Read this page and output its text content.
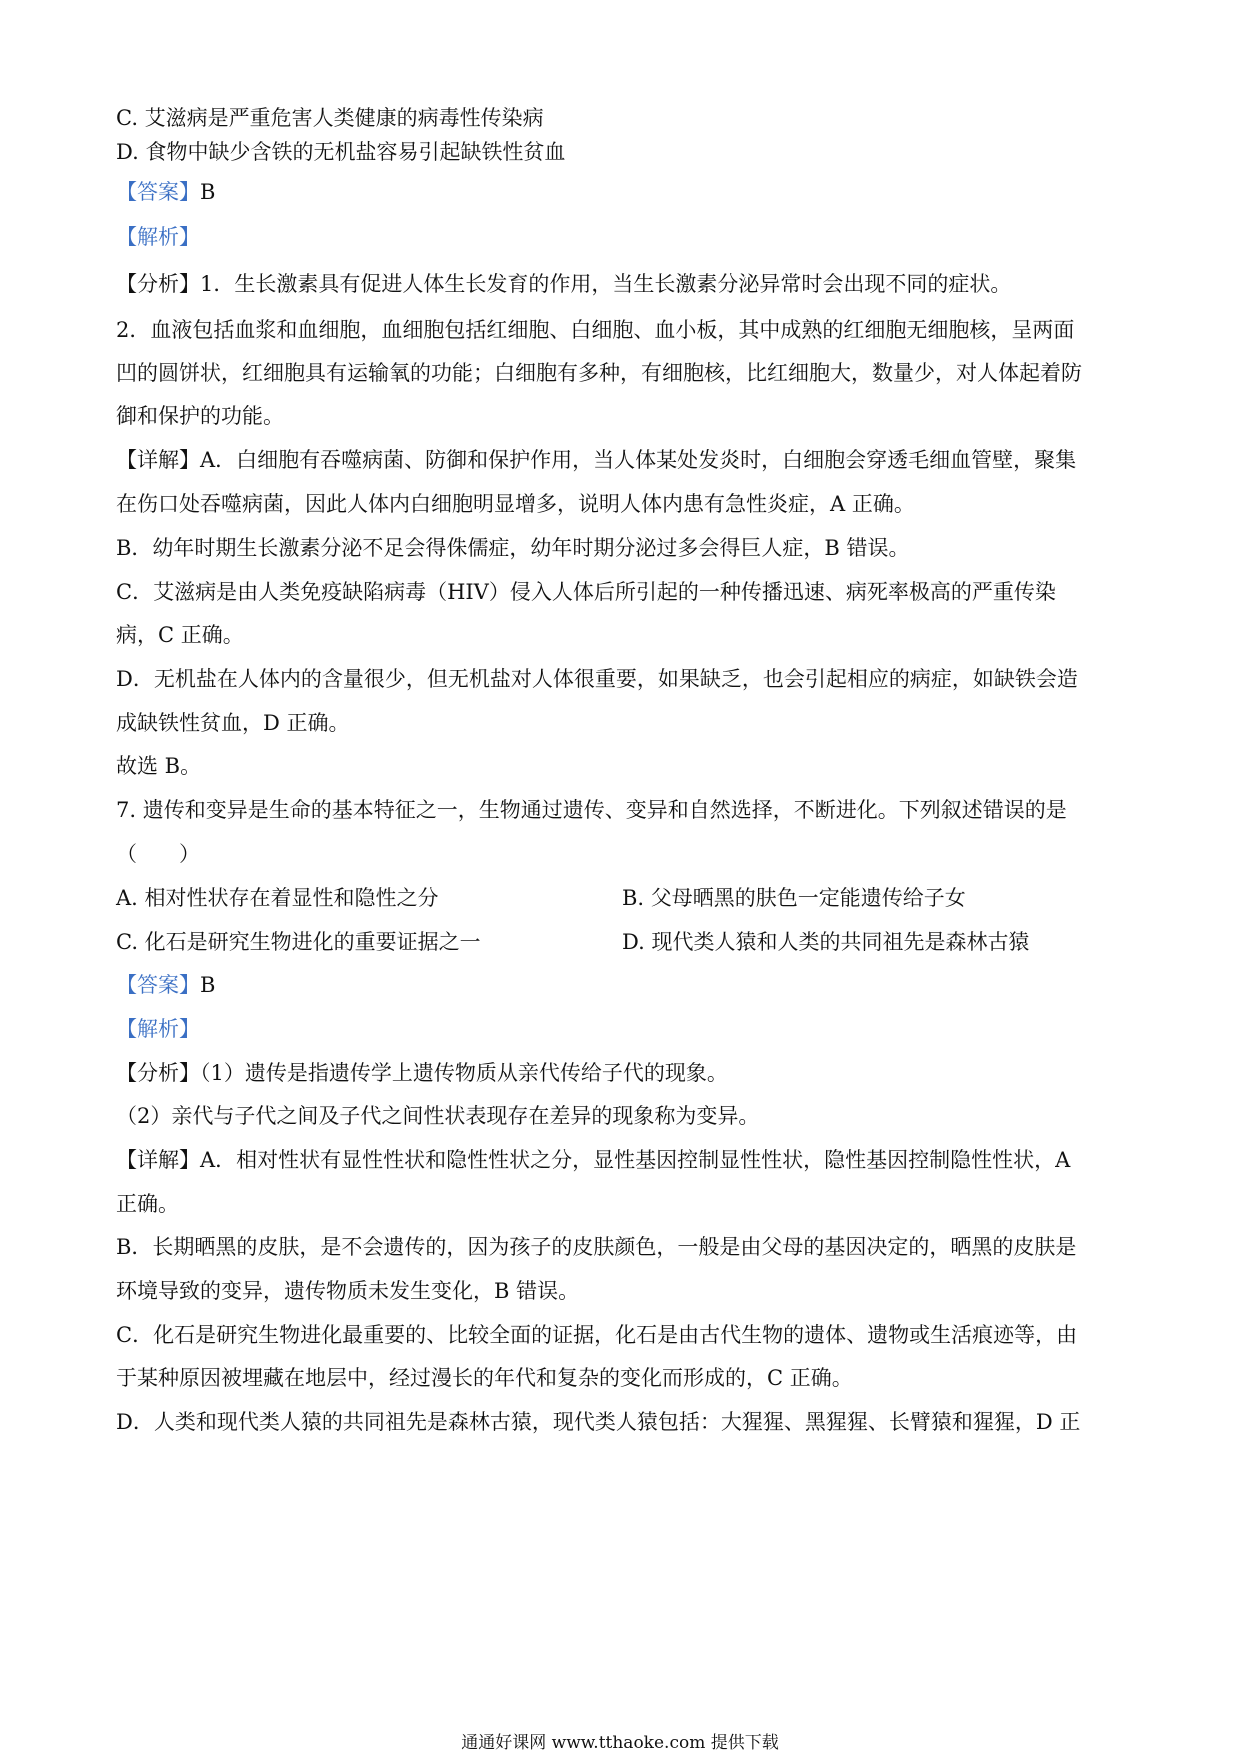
C. 艾滋病是严重危害人类健康的病毒性传染病
D. 食物中缺少含铁的无机盐容易引起缺铁性贫血
【答案】B
【解析】
【分析】1．生长激素具有促进人体生长发育的作用，当生长激素分泌异常时会出现不同的症状。
2．血液包括血浆和血细胞，血细胞包括红细胞、白细胞、血小板，其中成熟的红细胞无细胞核，呈两面
凹的圆饼状，红细胞具有运输氧的功能；白细胞有多种，有细胞核，比红细胞大，数量少，对人体起着防
御和保护的功能。
【详解】A．白细胞有吞噬病菌、防御和保护作用，当人体某处发炎时，白细胞会穿透毛细血管壁，聚集
在伤口处吞噬病菌，因此人体内白细胞明显增多，说明人体内患有急性炎症，A 正确。
B．幼年时期生长激素分泌不足会得侏儒症，幼年时期分泌过多会得巨人症，B 错误。
C．艾滋病是由人类免疫缺陷病毒（HIV）侵入人体后所引起的一种传播迅速、病死率极高的严重传染
病，C 正确。
D．无机盐在人体内的含量很少，但无机盐对人体很重要，如果缺乏，也会引起相应的病症，如缺铁会造
成缺铁性贫血，D 正确。
故选 B。
7. 遗传和变异是生命的基本特征之一，生物通过遗传、变异和自然选择，不断进化。下列叙述错误的是
（　　）
A. 相对性状存在着显性和隐性之分	B. 父母晒黑的肤色一定能遗传给子女
C. 化石是研究生物进化的重要证据之一	D. 现代类人猿和人类的共同祖先是森林古猿
【答案】B
【解析】
【分析】（1）遗传是指遗传学上遗传物质从亲代传给子代的现象。
（2）亲代与子代之间及子代之间性状表现存在差异的现象称为变异。
【详解】A．相对性状有显性性状和隐性性状之分，显性基因控制显性性状，隐性基因控制隐性性状，A
正确。
B．长期晒黑的皮肤，是不会遗传的，因为孩子的皮肤颜色，一般是由父母的基因决定的，晒黑的皮肤是
环境导致的变异，遗传物质未发生变化，B 错误。
C．化石是研究生物进化最重要的、比较全面的证据，化石是由古代生物的遗体、遗物或生活痕迹等，由
于某种原因被埋藏在地层中，经过漫长的年代和复杂的变化而形成的，C 正确。
D．人类和现代类人猿的共同祖先是森林古猿，现代类人猿包括：大猩猩、黑猩猩、长臂猿和猩猩，D 正
通通好课网 www.tthaoke.com 提供下载
